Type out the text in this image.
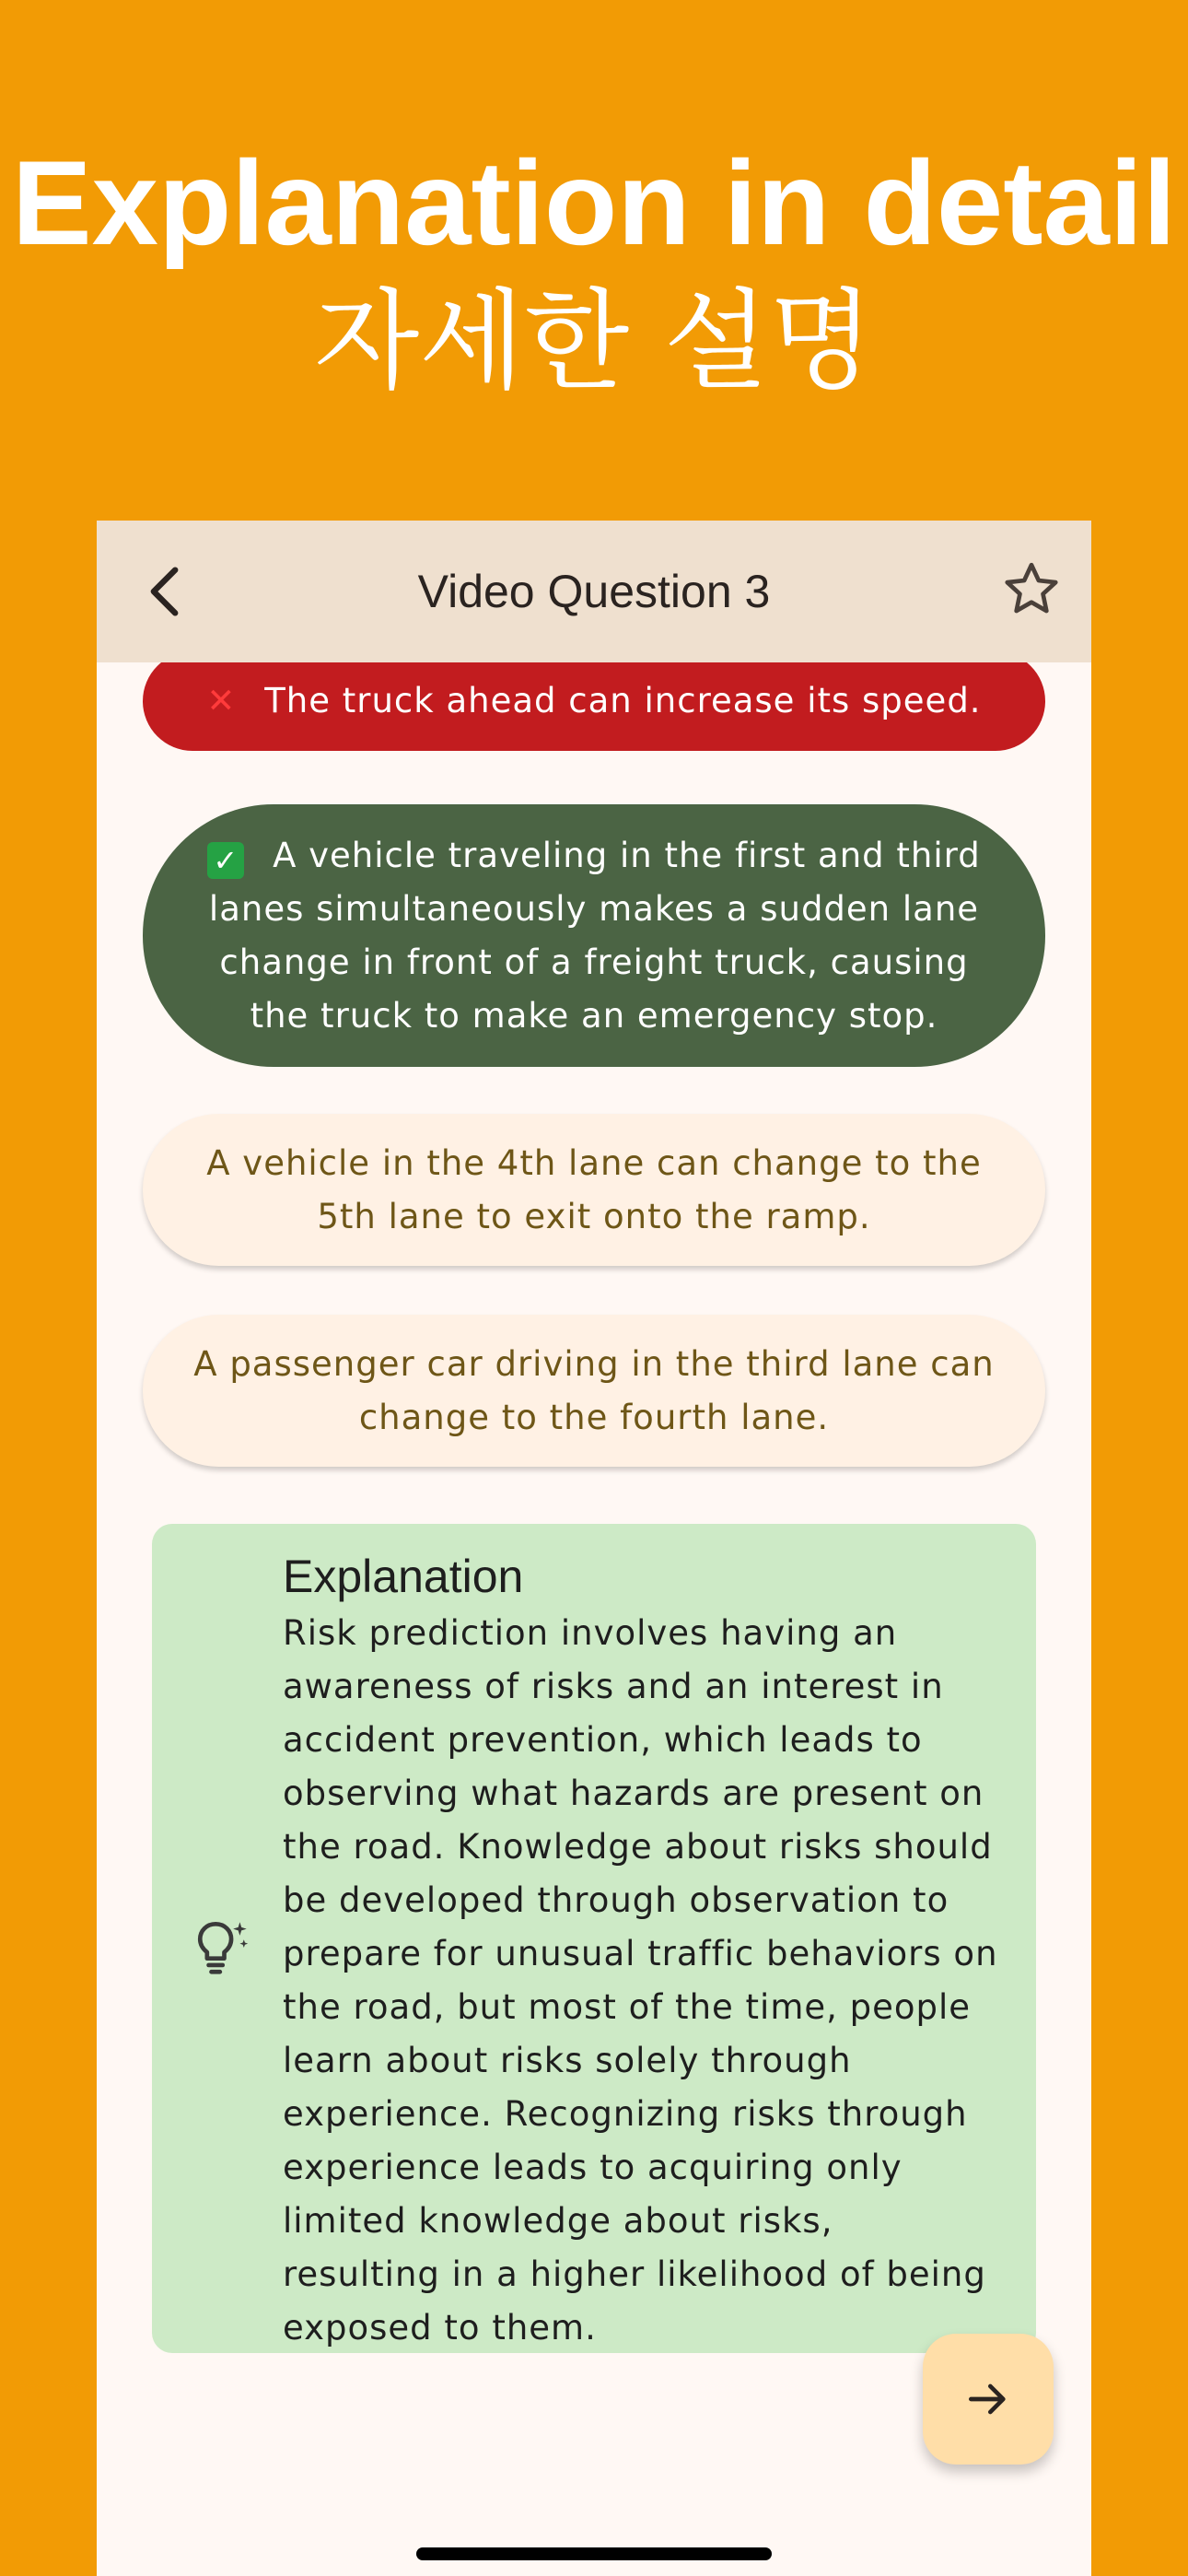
Explanation in detail
자세한 설명
Video Question 3
✕ The truck ahead can increase its speed.
✓ A vehicle traveling in the first and third lanes simultaneously makes a sudden lane change in front of a freight truck, causing the truck to make an emergency stop.
A vehicle in the 4th lane can change to the 5th lane to exit onto the ramp.
A passenger car driving in the third lane can change to the fourth lane.
Explanation
Risk prediction involves having an awareness of risks and an interest in accident prevention, which leads to observing what hazards are present on the road. Knowledge about risks should be developed through observation to prepare for unusual traffic behaviors on the road, but most of the time, people learn about risks solely through experience. Recognizing risks through experience leads to acquiring only limited knowledge about risks, resulting in a higher likelihood of being exposed to them.
